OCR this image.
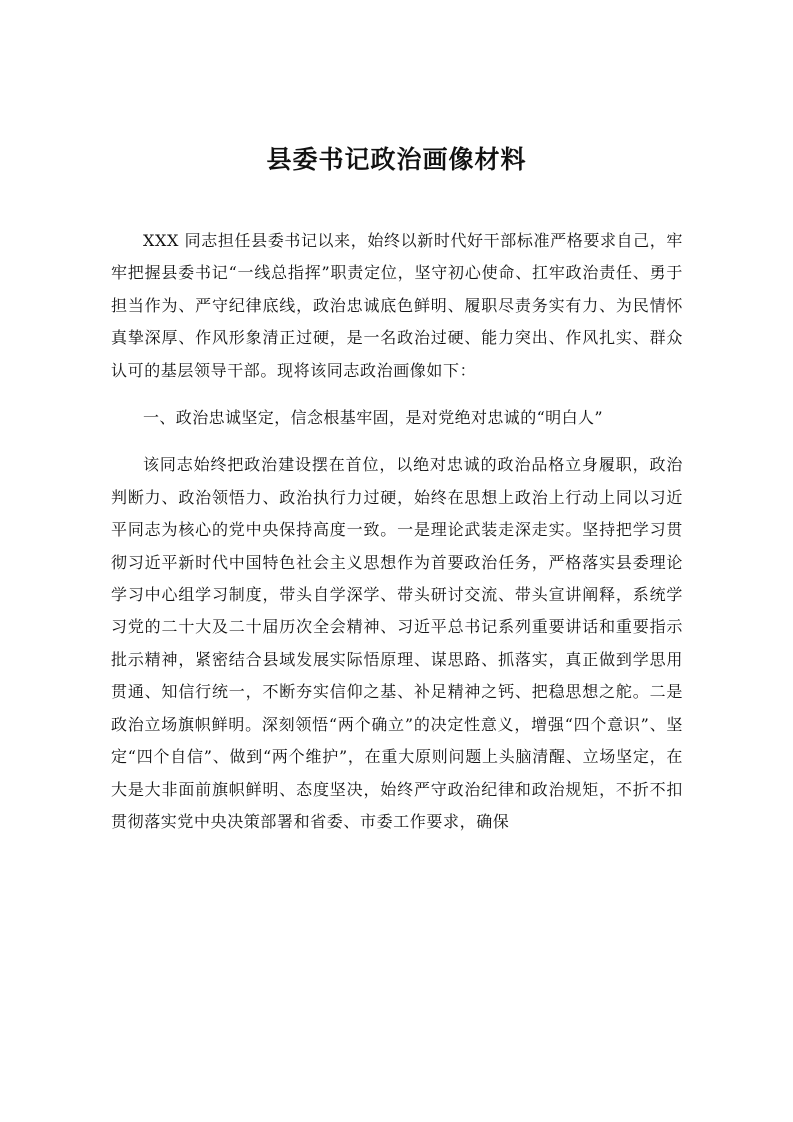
县委书记政治画像材料

XXX 同志担任县委书记以来，始终以新时代好干部标准严格要求自己，牢牢把握县委书记“一线总指挥”职责定位，坚守初心使命、扛牢政治责任、勇于担当作为、严守纪律底线，政治忠诚底色鲜明、履职尽责务实有力、为民情怀真挚深厚、作风形象清正过硬，是一名政治过硬、能力突出、作风扎实、群众认可的基层领导干部。现将该同志政治画像如下：

一、政治忠诚坚定，信念根基牢固，是对党绝对忠诚的“明白人”

该同志始终把政治建设摆在首位，以绝对忠诚的政治品格立身履职，政治判断力、政治领悟力、政治执行力过硬，始终在思想上政治上行动上同以习近平同志为核心的党中央保持高度一致。一是理论武装走深走实。坚持把学习贯彻习近平新时代中国特色社会主义思想作为首要政治任务，严格落实县委理论学习中心组学习制度，带头自学深学、带头研讨交流、带头宣讲阐释，系统学习党的二十大及二十届历次全会精神、习近平总书记系列重要讲话和重要指示批示精神，紧密结合县域发展实际悟原理、谋思路、抓落实，真正做到学思用贯通、知信行统一，不断夯实信仰之基、补足精神之钙、把稳思想之舵。二是政治立场旗帜鲜明。深刻领悟“两个确立”的决定性意义，增强“四个意识”、坚定“四个自信”、做到“两个维护”，在重大原则问题上头脑清醒、立场坚定，在大是大非面前旗帜鲜明、态度坚决，始终严守政治纪律和政治规矩，不折不扣贯彻落实党中央决策部署和省委、市委工作要求，确保
